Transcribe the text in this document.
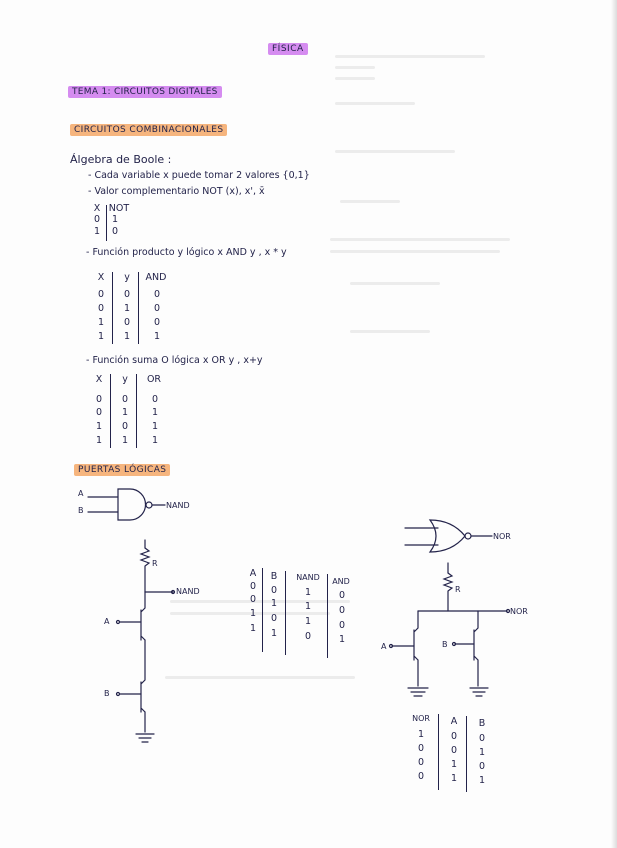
FÍSICA
TEMA 1: CIRCUITOS DIGITALES
CIRCUITOS COMBINACIONALES
Álgebra de Boole :
- Cada variable x puede tomar 2 valores {0,1}
- Valor complementario NOT (x), x', x̄
X NOT
0	1
1	0
- Función producto y lógico x AND y , x * y
X	y	AND
0	0	0
0	1	0
1	0	0
1	1	1
- Función suma O lógica x OR y , x+y
X	y	OR
0	0	0
0	1	1
1	0	1
1	1	1
PUERTAS LÓGICAS
A
B
NAND
R
NAND
A
B
A	B	NAND	AND
0	0	1	0
0	1	1	0
1	0	1	0
1	1	0	1
NOR
R
NOR
A	B
NOR	A	B
1	0	0
0	0	1
0	1	0
0	1	1
